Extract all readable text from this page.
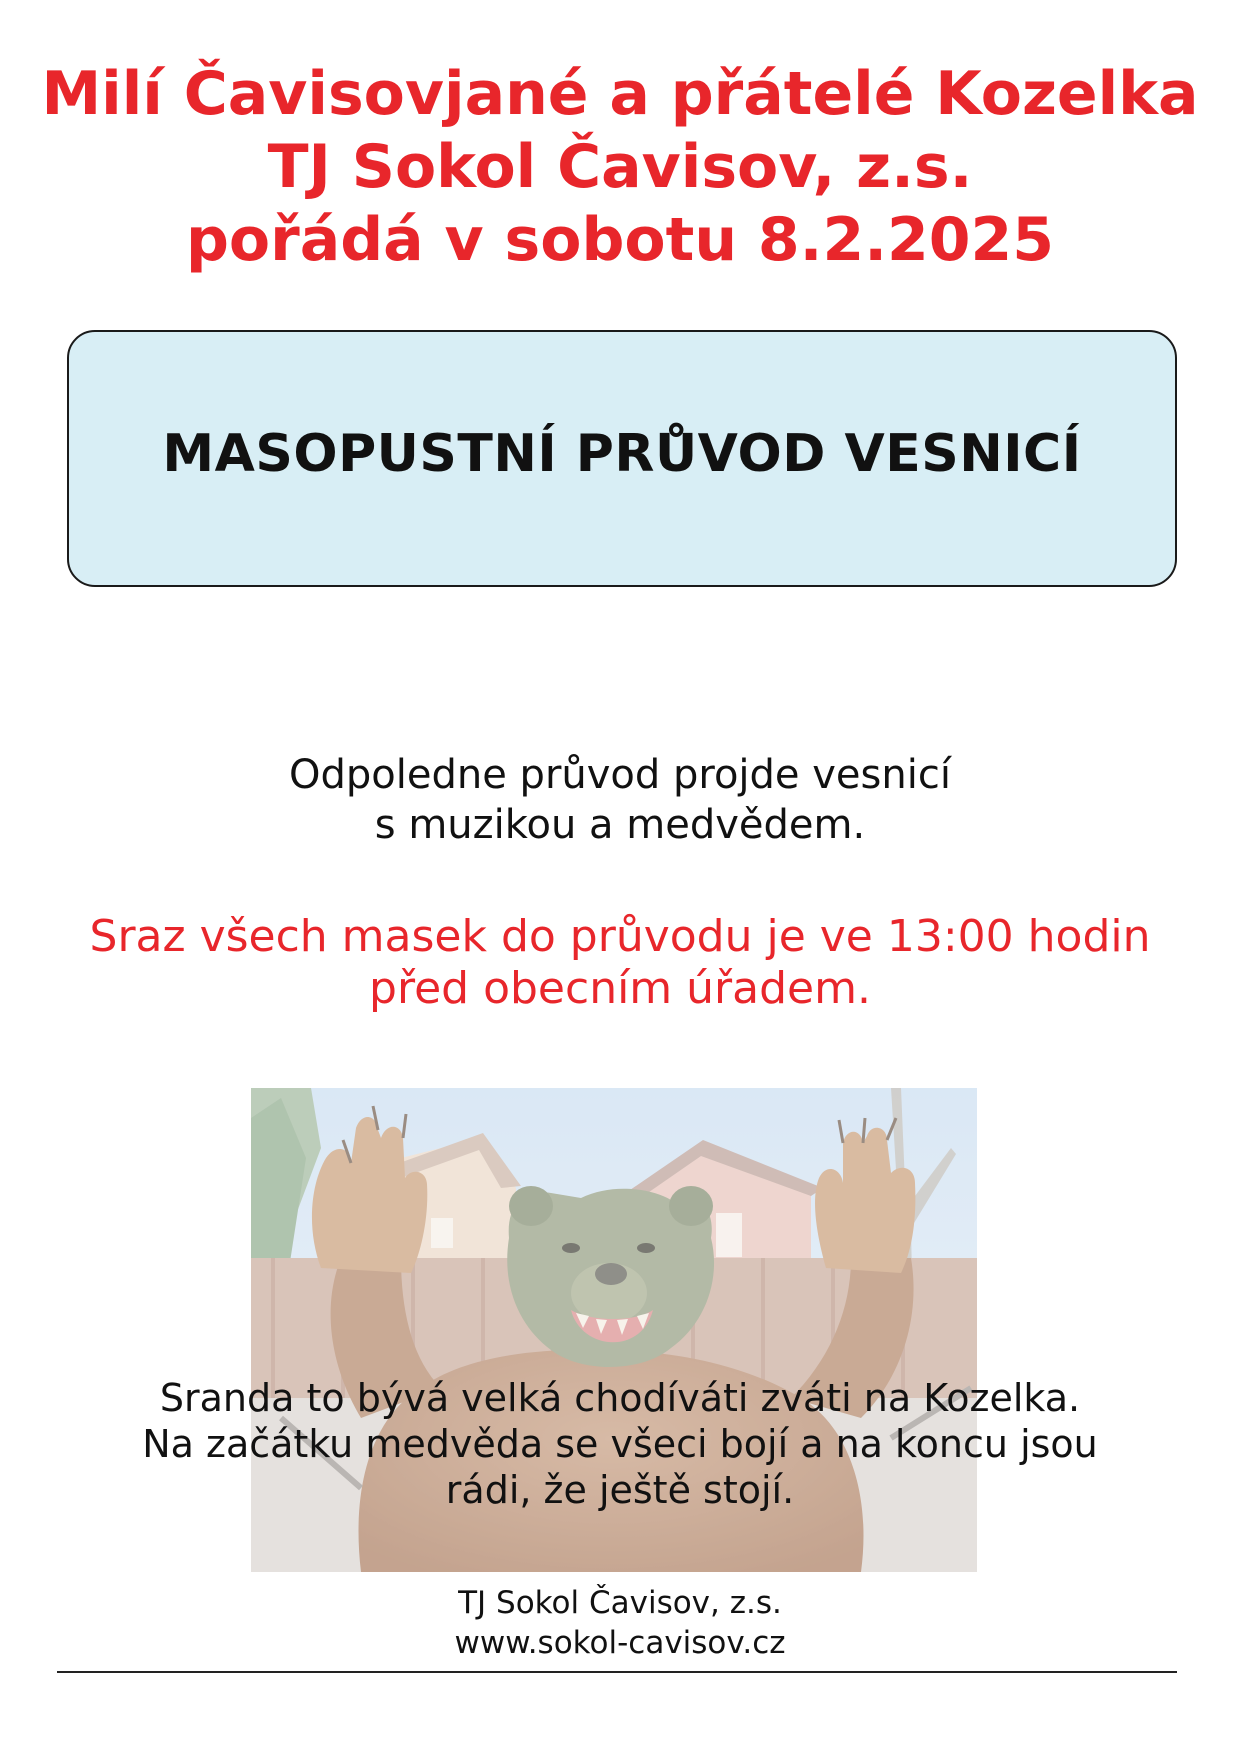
Milí Čavisovjané a přátelé Kozelka
TJ Sokol Čavisov, z.s.
pořádá v sobotu 8.2.2025
MASOPUSTNÍ PRŮVOD VESNICÍ
Odpoledne průvod projde vesnicí
s muzikou a medvědem.
Sraz všech masek do průvodu je ve 13:00 hodin
před obecním úřadem.
Sranda to bývá velká chodíváti zváti na Kozelka.
Na začátku medvěda se všeci bojí a na koncu jsou
rádi, že ještě stojí.
TJ Sokol Čavisov, z.s.
www.sokol-cavisov.cz
